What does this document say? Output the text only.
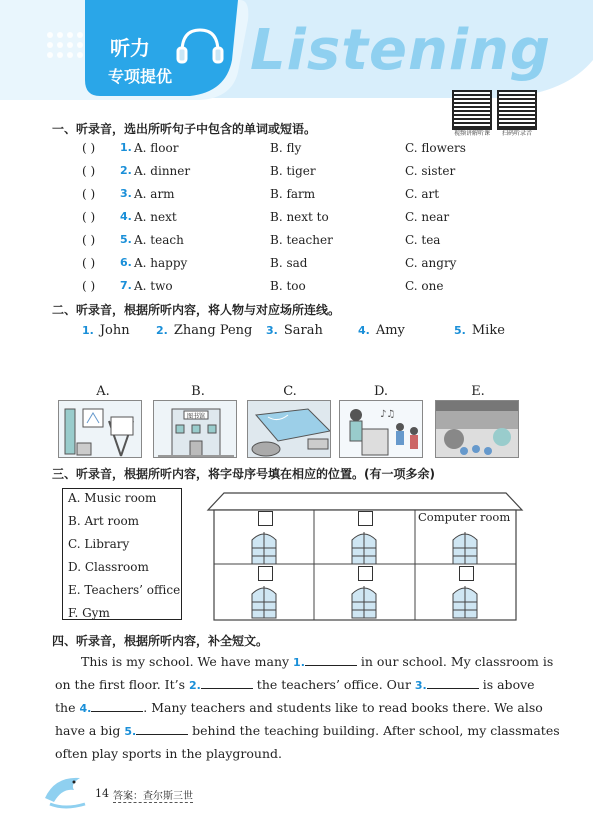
听力
专项提优 Listening
视频讲解听课	扫码听录音
一、听录音，选出所听句子中包含的单词或短语。
( ) 1. A. floor	B. fly	C. flowers
( ) 2. A. dinner	B. tiger	C. sister
( ) 3. A. arm	B. farm	C. art
( ) 4. A. next	B. next to	C. near
( ) 5. A. teach	B. teacher	C. tea
( ) 6. A. happy	B. sad	C. angry
( ) 7. A. two	B. too	C. one
二、听录音，根据所听内容，将人物与对应场所连线。
1. John 2. Zhang Peng 3. Sarah	4. Amy	5. Mike
A.	B.	C.	D.	E.
图书馆	♪♫
三、听录音，根据所听内容，将字母序号填在相应的位置。(有一项多余)
A. Music room
B. Art room
C. Library
D. Classroom
E. Teachers’ office
F. Gym
Computer room
四、听录音，根据所听内容，补全短文。
This is my school. We have many 1.	in our school. My classroom is
on the first floor. It’s 2.	the teachers’ office. Our 3.	is above
the 4.	. Many teachers and students like to read books there. We also
have a big 5.	behind the teaching building. After school, my classmates
often play sports in the playground.
14 答案：查尔斯三世
